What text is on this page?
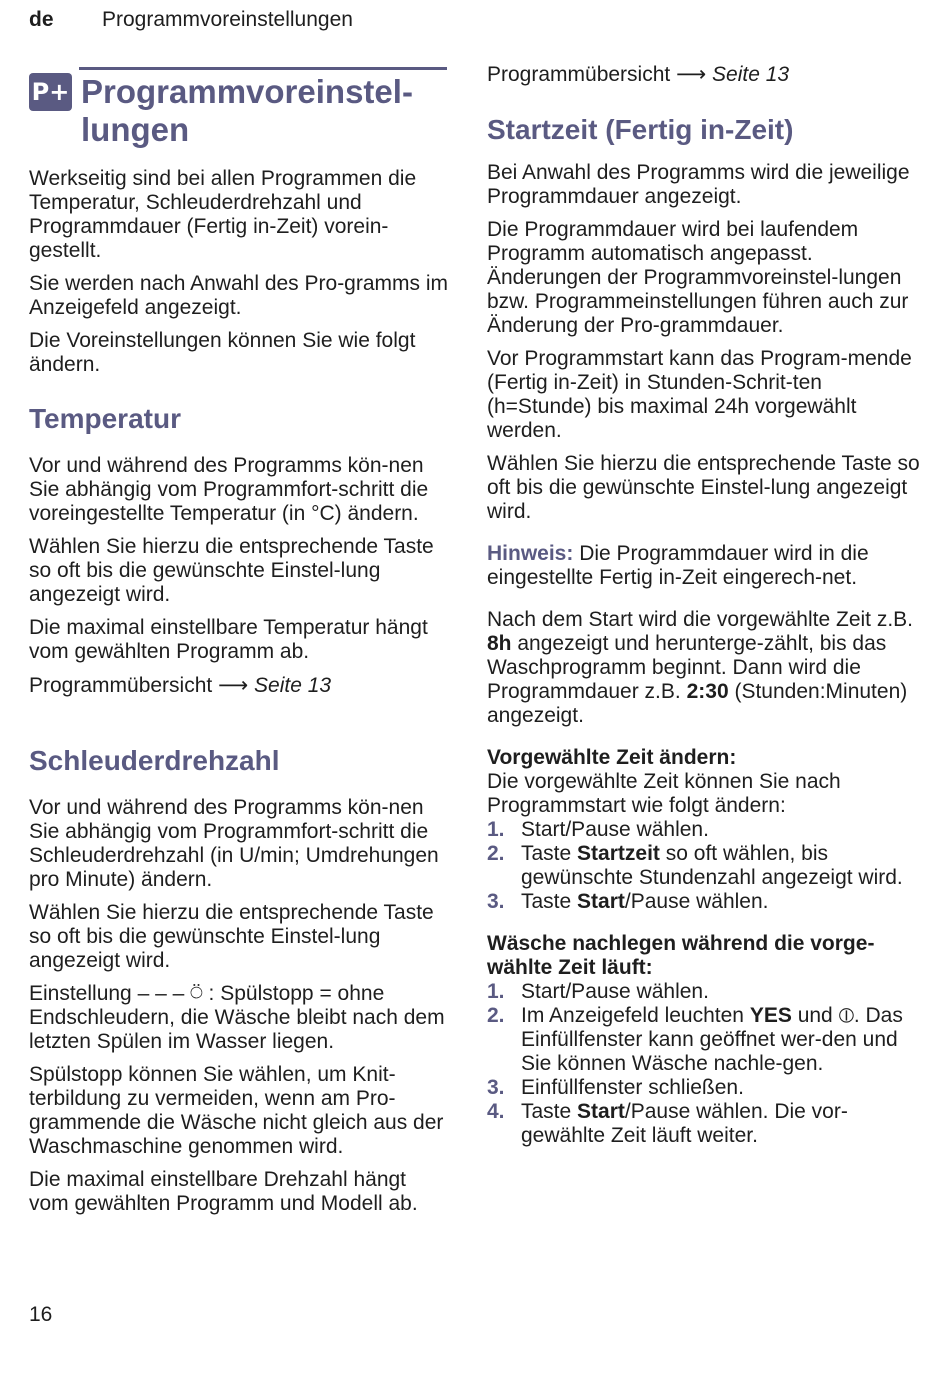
de Programmvoreinstellungen
P+ Programmvoreinstel-
lungen

Werkseitig sind bei allen Programmen die Temperatur, Schleuderdrehzahl und Programmdauer (Fertig in-Zeit) vorein-gestellt.

Sie werden nach Anwahl des Pro-gramms im Anzeigefeld angezeigt.

Die Voreinstellungen können Sie wie folgt ändern.

Temperatur

Vor und während des Programms kön-nen Sie abhängig vom Programmfort-schritt die voreingestellte Temperatur (in °C) ändern.

Wählen Sie hierzu die entsprechende Taste so oft bis die gewünschte Einstel-lung angezeigt wird.

Die maximal einstellbare Temperatur hängt vom gewählten Programm ab.

Programmübersicht ⟶ Seite 13

Schleuderdrehzahl

Vor und während des Programms kön-nen Sie abhängig vom Programmfort-schritt die Schleuderdrehzahl (in U/min; Umdrehungen pro Minute) ändern.

Wählen Sie hierzu die entsprechende Taste so oft bis die gewünschte Einstel-lung angezeigt wird.

Einstellung – – – ⍥ : Spülstopp = ohne Endschleudern, die Wäsche bleibt nach dem letzten Spülen im Wasser liegen.

Spülstopp können Sie wählen, um Knit-terbildung zu vermeiden, wenn am Pro-grammende die Wäsche nicht gleich aus der Waschmaschine genommen wird.

Die maximal einstellbare Drehzahl hängt vom gewählten Programm und Modell ab.

Programmübersicht ⟶ Seite 13

Startzeit (Fertig in-Zeit)

Bei Anwahl des Programms wird die jeweilige Programmdauer angezeigt.

Die Programmdauer wird bei laufendem Programm automatisch angepasst. Änderungen der Programmvoreinstel-lungen bzw. Programmeinstellungen führen auch zur Änderung der Pro-grammdauer.

Vor Programmstart kann das Program-mende (Fertig in-Zeit) in Stunden-Schrit-ten (h=Stunde) bis maximal 24h vorgewählt werden.

Wählen Sie hierzu die entsprechende Taste so oft bis die gewünschte Einstel-lung angezeigt wird.

Hinweis: Die Programmdauer wird in die eingestellte Fertig in-Zeit eingerech-net.

Nach dem Start wird die vorgewählte Zeit z.B. 8h angezeigt und herunterge-zählt, bis das Waschprogramm beginnt. Dann wird die Programmdauer z.B. 2:30 (Stunden:Minuten) angezeigt.

Vorgewählte Zeit ändern:

Die vorgewählte Zeit können Sie nach Programmstart wie folgt ändern:

1. Start/Pause wählen.
2. Taste Startzeit so oft wählen, bis gewünschte Stundenzahl angezeigt wird.
3. Taste Start/Pause wählen.

Wäsche nachlegen während die vorge-wählte Zeit läuft:

1. Start/Pause wählen.
2. Im Anzeigefeld leuchten YES und ⦶. Das Einfüllfenster kann geöffnet wer-den und Sie können Wäsche nachle-gen.
3. Einfüllfenster schließen.
4. Taste Start/Pause wählen. Die vor-gewählte Zeit läuft weiter.
16
